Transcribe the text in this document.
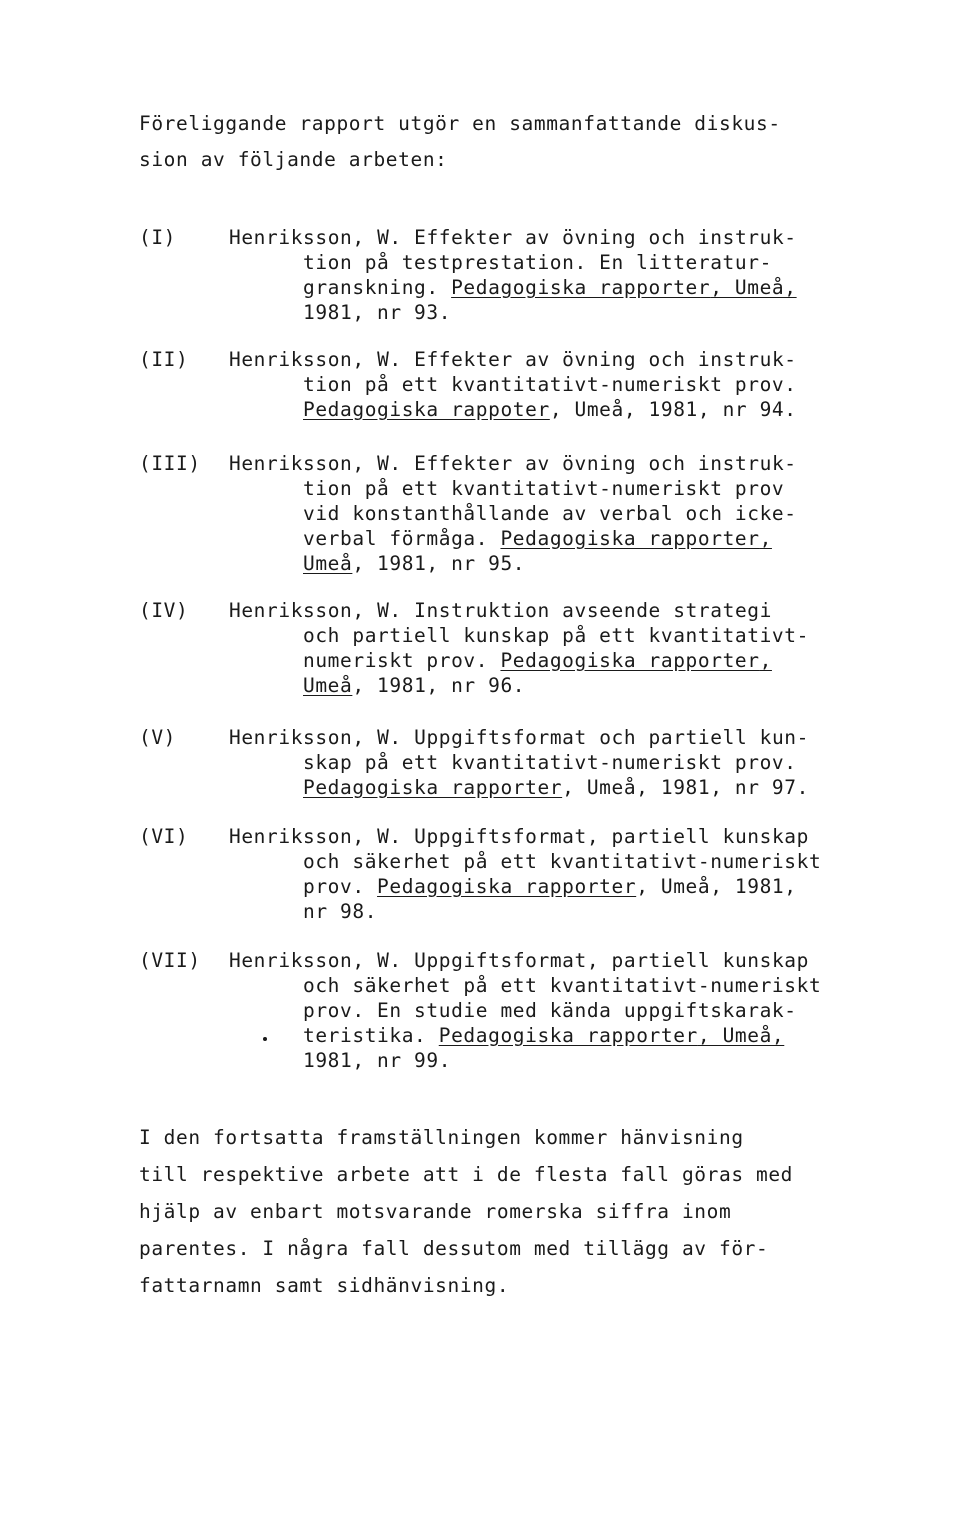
Föreliggande rapport utgör en sammanfattande diskus-
sion av följande arbeten:
(I)	Henriksson, W. Effekter av övning och instruk-
tion på testprestation. En litteratur-
granskning. Pedagogiska rapporter, Umeå,
1981, nr 93.
(II) Henriksson, W. Effekter av övning och instruk-
tion på ett kvantitativt-numeriskt prov.
Pedagogiska rappoter, Umeå, 1981, nr 94.
(III) Henriksson, W. Effekter av övning och instruk-
tion på ett kvantitativt-numeriskt prov
vid konstanthållande av verbal och icke-
verbal förmåga. Pedagogiska rapporter,
Umeå, 1981, nr 95.
(IV) Henriksson, W. Instruktion avseende strategi
och partiell kunskap på ett kvantitativt-
numeriskt prov. Pedagogiska rapporter,
Umeå, 1981, nr 96.
(V)	Henriksson, W. Uppgiftsformat och partiell kun-
skap på ett kvantitativt-numeriskt prov.
Pedagogiska rapporter, Umeå, 1981, nr 97.
(VI) Henriksson, W. Uppgiftsformat, partiell kunskap
och säkerhet på ett kvantitativt-numeriskt
prov. Pedagogiska rapporter, Umeå, 1981,
nr 98.
(VII) Henriksson, W. Uppgiftsformat, partiell kunskap
och säkerhet på ett kvantitativt-numeriskt
prov. En studie med kända uppgiftskarak-
teristika. Pedagogiska rapporter, Umeå,
1981, nr 99.
I den fortsatta framställningen kommer hänvisning
till respektive arbete att i de flesta fall göras med
hjälp av enbart motsvarande romerska siffra inom
parentes. I några fall dessutom med tillägg av för-
fattarnamn samt sidhänvisning.
